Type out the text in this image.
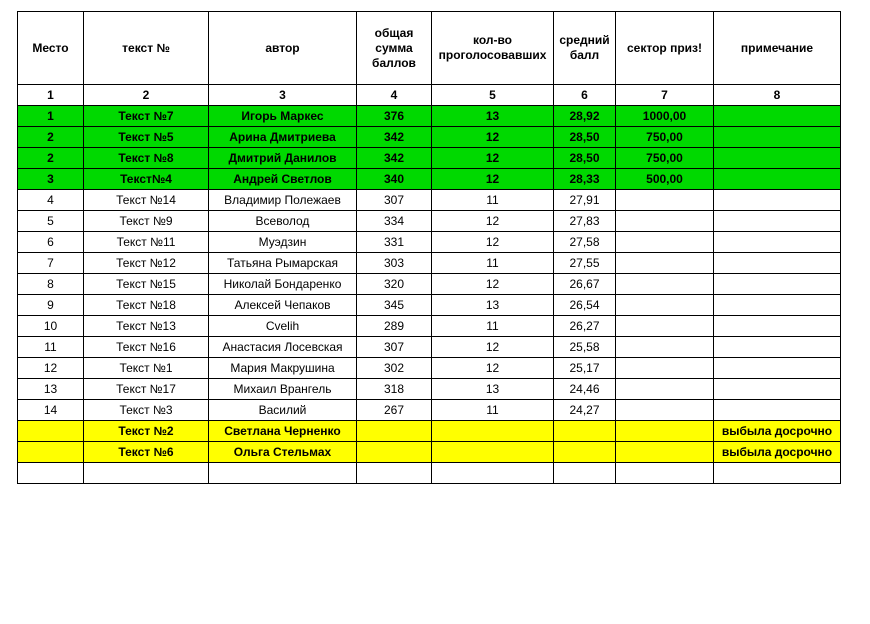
Место	текст №	автор	общая сумма баллов	кол-во проголосовавших	средний балл	сектор приз!	примечание
1	2	3	4	5	6	7	8
1	Текст №7	Игорь Маркес	376	13	28,92	1000,00	
2	Текст №5	Арина Дмитриева	342	12	28,50	750,00	
2	Текст №8	Дмитрий Данилов	342	12	28,50	750,00	
3	Текст№4	Андрей Светлов	340	12	28,33	500,00	
4	Текст №14	Владимир Полежаев	307	11	27,91		
5	Текст №9	Всеволод	334	12	27,83		
6	Текст №11	Муэдзин	331	12	27,58		
7	Текст №12	Татьяна Рымарская	303	11	27,55		
8	Текст №15	Николай Бондаренко	320	12	26,67		
9	Текст №18	Алексей Чепаков	345	13	26,54		
10	Текст №13	Cvelih	289	11	26,27		
11	Текст №16	Анастасия Лосевская	307	12	25,58		
12	Текст №1	Мария Макрушина	302	12	25,17		
13	Текст №17	Михаил Врангель	318	13	24,46		
14	Текст №3	Василий	267	11	24,27		
	Текст №2	Светлана Черненко					выбыла досрочно
	Текст №6	Ольга Стельмах					выбыла досрочно
